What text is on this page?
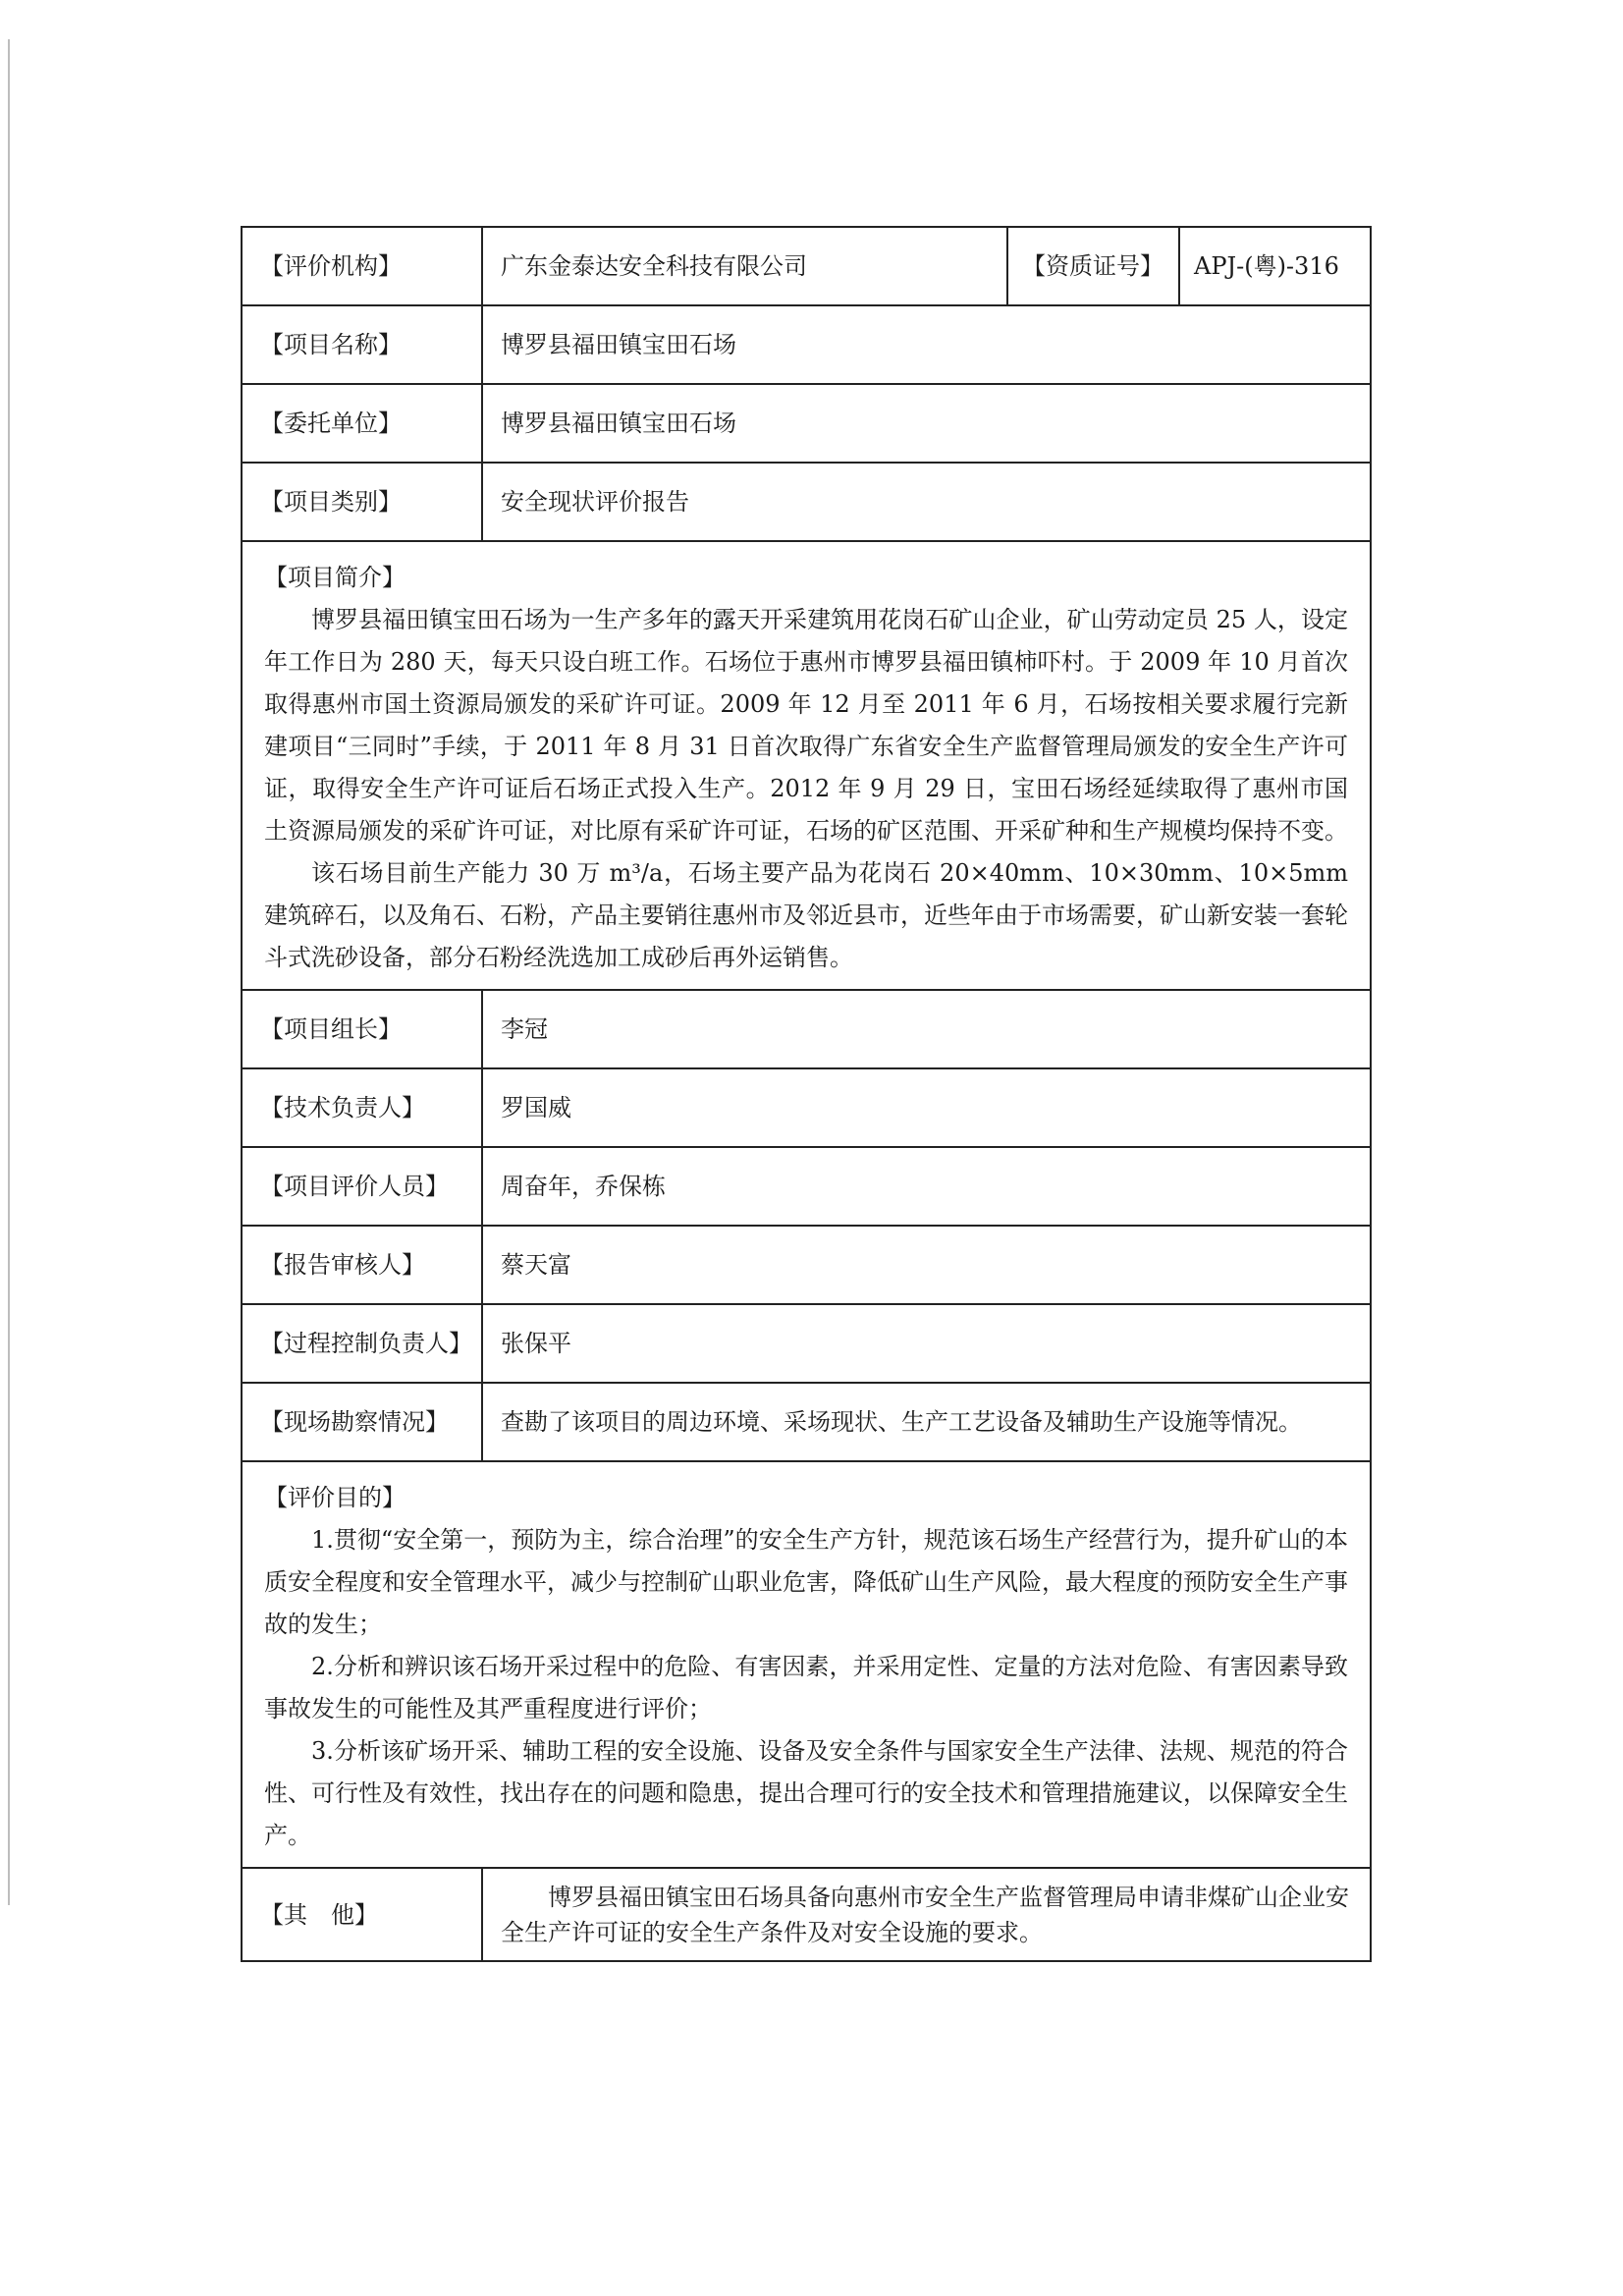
【评价机构】	广东金泰达安全科技有限公司	【资质证号】	APJ-(粤)-316
【项目名称】	博罗县福田镇宝田石场		
【委托单位】	博罗县福田镇宝田石场		
【项目类别】	安全现状评价报告		

【项目简介】

博罗县福田镇宝田石场为一生产多年的露天开采建筑用花岗石矿山企业，矿山劳动定员 25 人，设定年工作日为 280 天，每天只设白班工作。石场位于惠州市博罗县福田镇柿吓村。于 2009 年 10 月首次取得惠州市国土资源局颁发的采矿许可证。2009 年 12 月至 2011 年 6 月，石场按相关要求履行完新建项目“三同时”手续，于 2011 年 8 月 31 日首次取得广东省安全生产监督管理局颁发的安全生产许可证，取得安全生产许可证后石场正式投入生产。2012 年 9 月 29 日，宝田石场经延续取得了惠州市国土资源局颁发的采矿许可证，对比原有采矿许可证，石场的矿区范围、开采矿种和生产规模均保持不变。

该石场目前生产能力 30 万 m³/a，石场主要产品为花岗石 20×40mm、10×30mm、10×5mm 建筑碎石，以及角石、石粉，产品主要销往惠州市及邻近县市，近些年由于市场需要，矿山新安装一套轮斗式洗砂设备，部分石粉经洗选加工成砂后再外运销售。			

【项目组长】	李冠		
【技术负责人】	罗国威		
【项目评价人员】	周奋年，乔保栋		
【报告审核人】	蔡天富		
【过程控制负责人】	张保平		
【现场勘察情况】	查勘了该项目的周边环境、采场现状、生产工艺设备及辅助生产设施等情况。		

【评价目的】

1.贯彻“安全第一，预防为主，综合治理”的安全生产方针，规范该石场生产经营行为，提升矿山的本质安全程度和安全管理水平，减少与控制矿山职业危害，降低矿山生产风险，最大程度的预防安全生产事故的发生；

2.分析和辨识该石场开采过程中的危险、有害因素，并采用定性、定量的方法对危险、有害因素导致事故发生的可能性及其严重程度进行评价；

3.分析该矿场开采、辅助工程的安全设施、设备及安全条件与国家安全生产法律、法规、规范的符合性、可行性及有效性，找出存在的问题和隐患，提出合理可行的安全技术和管理措施建议，以保障安全生产。			

【其　他】	博罗县福田镇宝田石场具备向惠州市安全生产监督管理局申请非煤矿山企业安全生产许可证的安全生产条件及对安全设施的要求。		
